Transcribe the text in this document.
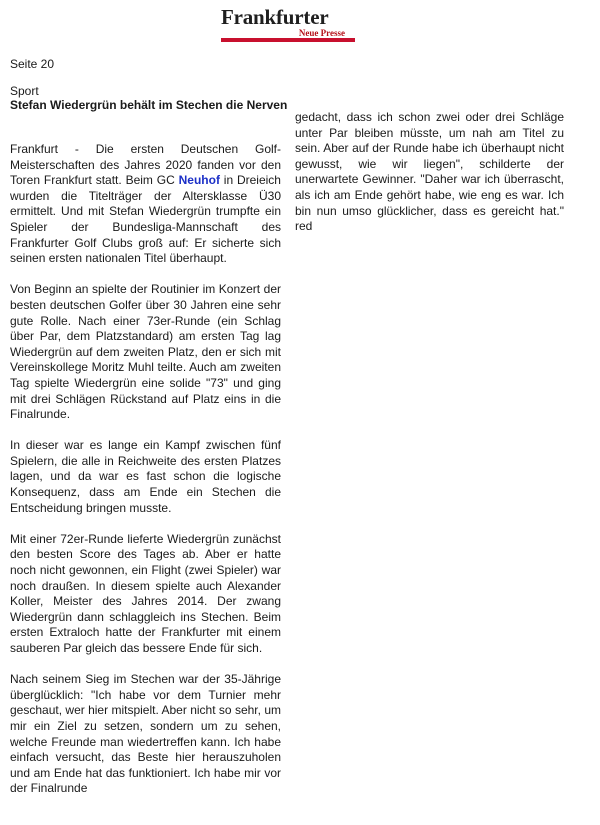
Frankfurter
Neue Presse
Seite 20
Sport
Stefan Wiedergrün behält im Stechen die Nerven

Frankfurt - Die ersten Deutschen Golf-Meisterschaften des Jahres 2020 fanden vor den Toren Frankfurt statt. Beim GC Neuhof in Dreieich wurden die Titelträger der Altersklasse Ü30 ermittelt. Und mit Stefan Wiedergrün trumpfte ein Spieler der Bundesliga-Mannschaft des Frankfurter Golf Clubs groß auf: Er sicherte sich seinen ersten nationalen Titel überhaupt.

Von Beginn an spielte der Routinier im Konzert der besten deutschen Golfer über 30 Jahren eine sehr gute Rolle. Nach einer 73er-Runde (ein Schlag über Par, dem Platzstandard) am ersten Tag lag Wiedergrün auf dem zweiten Platz, den er sich mit Vereinskollege Moritz Muhl teilte. Auch am zweiten Tag spielte Wiedergrün eine solide "73" und ging mit drei Schlägen Rückstand auf Platz eins in die Finalrunde.

In dieser war es lange ein Kampf zwischen fünf Spielern, die alle in Reichweite des ersten Platzes lagen, und da war es fast schon die logische Konsequenz, dass am Ende ein Stechen die Entscheidung bringen musste.

Mit einer 72er-Runde lieferte Wiedergrün zunächst den besten Score des Tages ab. Aber er hatte noch nicht gewonnen, ein Flight (zwei Spieler) war noch draußen. In diesem spielte auch Alexander Koller, Meister des Jahres 2014. Der zwang Wiedergrün dann schlaggleich ins Stechen. Beim ersten Extraloch hatte der Frankfurter mit einem sauberen Par gleich das bessere Ende für sich.

Nach seinem Sieg im Stechen war der 35-Jährige überglücklich: "Ich habe vor dem Turnier mehr geschaut, wer hier mitspielt. Aber nicht so sehr, um mir ein Ziel zu setzen, sondern um zu sehen, welche Freunde man wiedertreffen kann. Ich habe einfach versucht, das Beste hier herauszuholen und am Ende hat das funktioniert. Ich habe mir vor der Finalrunde

gedacht, dass ich schon zwei oder drei Schläge unter Par bleiben müsste, um nah am Titel zu sein. Aber auf der Runde habe ich überhaupt nicht gewusst, wie wir liegen", schilderte der unerwartete Gewinner. "Daher war ich überrascht, als ich am Ende gehört habe, wie eng es war. Ich bin nun umso glücklicher, dass es gereicht hat." red
